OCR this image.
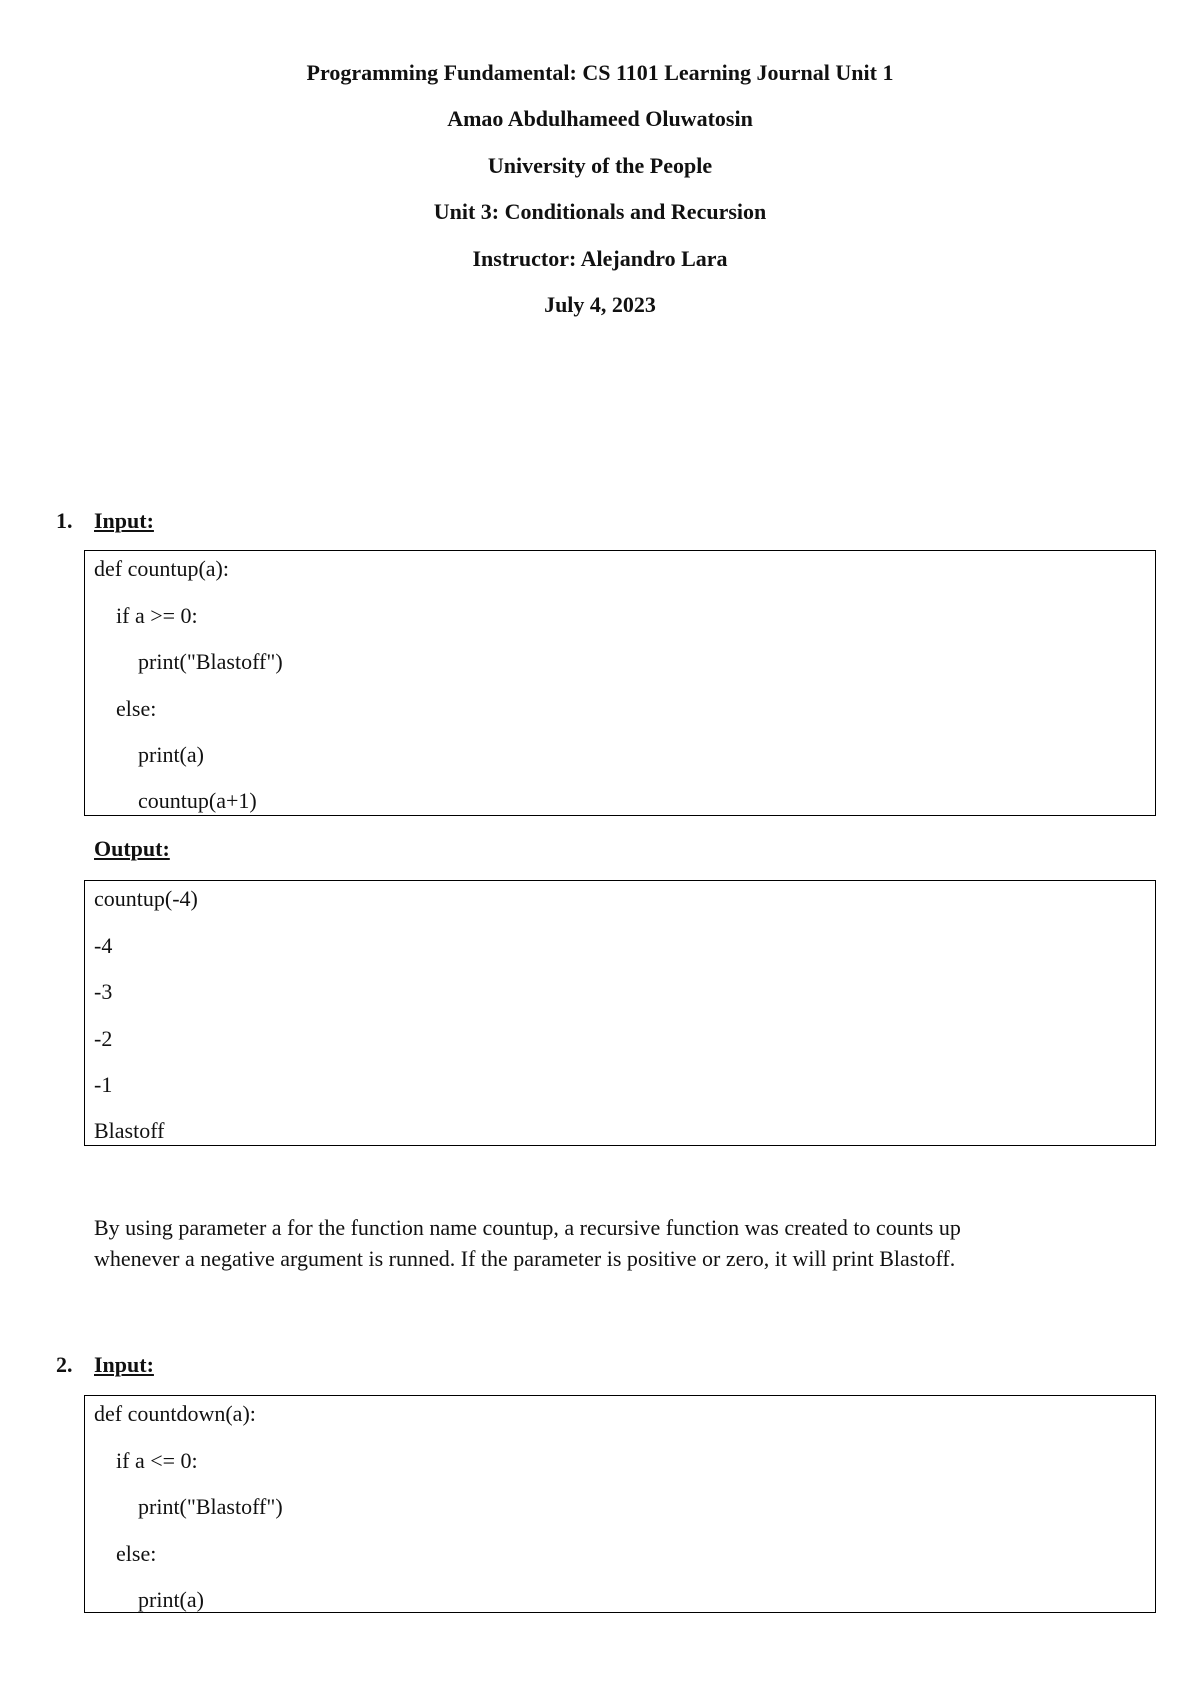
Programming Fundamental: CS 1101 Learning Journal Unit 1
Amao Abdulhameed Oluwatosin
University of the People
Unit 3: Conditionals and Recursion
Instructor: Alejandro Lara
July 4, 2023
1. Input:
def countup(a):
if a >= 0:
print("Blastoff")
else:
print(a)
countup(a+1)
Output:
countup(-4)
-4
-3
-2
-1
Blastoff

By using parameter a for the function name countup, a recursive function was created to counts up

whenever a negative argument is runned. If the parameter is positive or zero, it will print Blastoff.

2. Input:
def countdown(a):
if a <= 0:
print("Blastoff")
else:
print(a)
